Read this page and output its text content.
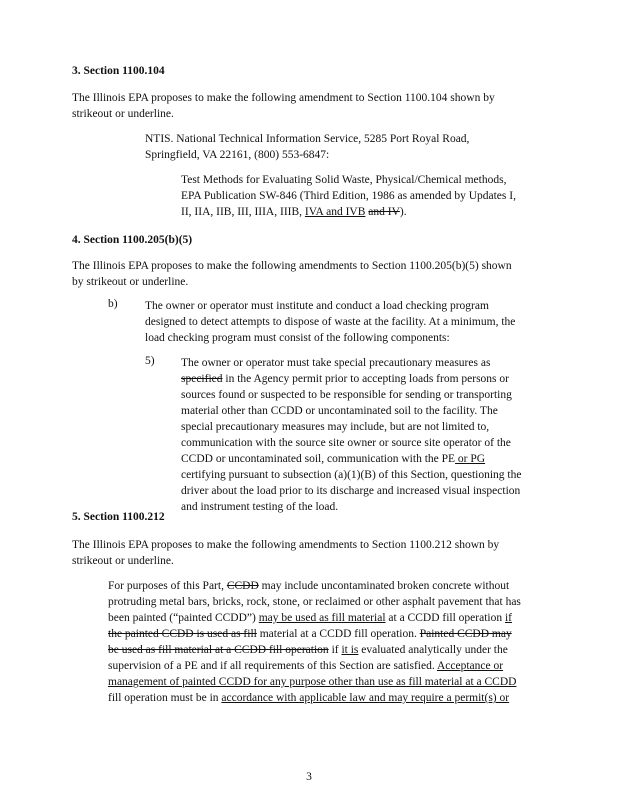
3. Section 1100.104
The Illinois EPA proposes to make the following amendment to Section 1100.104 shown by
strikeout or underline.
NTIS. National Technical Information Service, 5285 Port Royal Road,
Springfield, VA 22161, (800) 553-6847:
Test Methods for Evaluating Solid Waste, Physical/Chemical methods,
EPA Publication SW-846 (Third Edition, 1986 as amended by Updates I,
II, IIA, IIB, III, IIIA, IIIB, IVA and IVB and IV).
4. Section 1100.205(b)(5)
The Illinois EPA proposes to make the following amendments to Section 1100.205(b)(5) shown
by strikeout or underline.
b) The owner or operator must institute and conduct a load checking program
designed to detect attempts to dispose of waste at the facility. At a minimum, the
load checking program must consist of the following components:
5) The owner or operator must take special precautionary measures as
specified in the Agency permit prior to accepting loads from persons or
sources found or suspected to be responsible for sending or transporting
material other than CCDD or uncontaminated soil to the facility. The
special precautionary measures may include, but are not limited to,
communication with the source site owner or source site operator of the
CCDD or uncontaminated soil, communication with the PE or PG
certifying pursuant to subsection (a)(1)(B) of this Section, questioning the
driver about the load prior to its discharge and increased visual inspection
and instrument testing of the load.
5. Section 1100.212
The Illinois EPA proposes to make the following amendments to Section 1100.212 shown by
strikeout or underline.
For purposes of this Part, CCDD may include uncontaminated broken concrete without
protruding metal bars, bricks, rock, stone, or reclaimed or other asphalt pavement that has
been painted (“painted CCDD”) may be used as fill material at a CCDD fill operation if
the painted CCDD is used as fill material at a CCDD fill operation. Painted CCDD may
be used as fill material at a CCDD fill operation if it is evaluated analytically under the
supervision of a PE and if all requirements of this Section are satisfied. Acceptance or
management of painted CCDD for any purpose other than use as fill material at a CCDD
fill operation must be in accordance with applicable law and may require a permit(s) or
3
